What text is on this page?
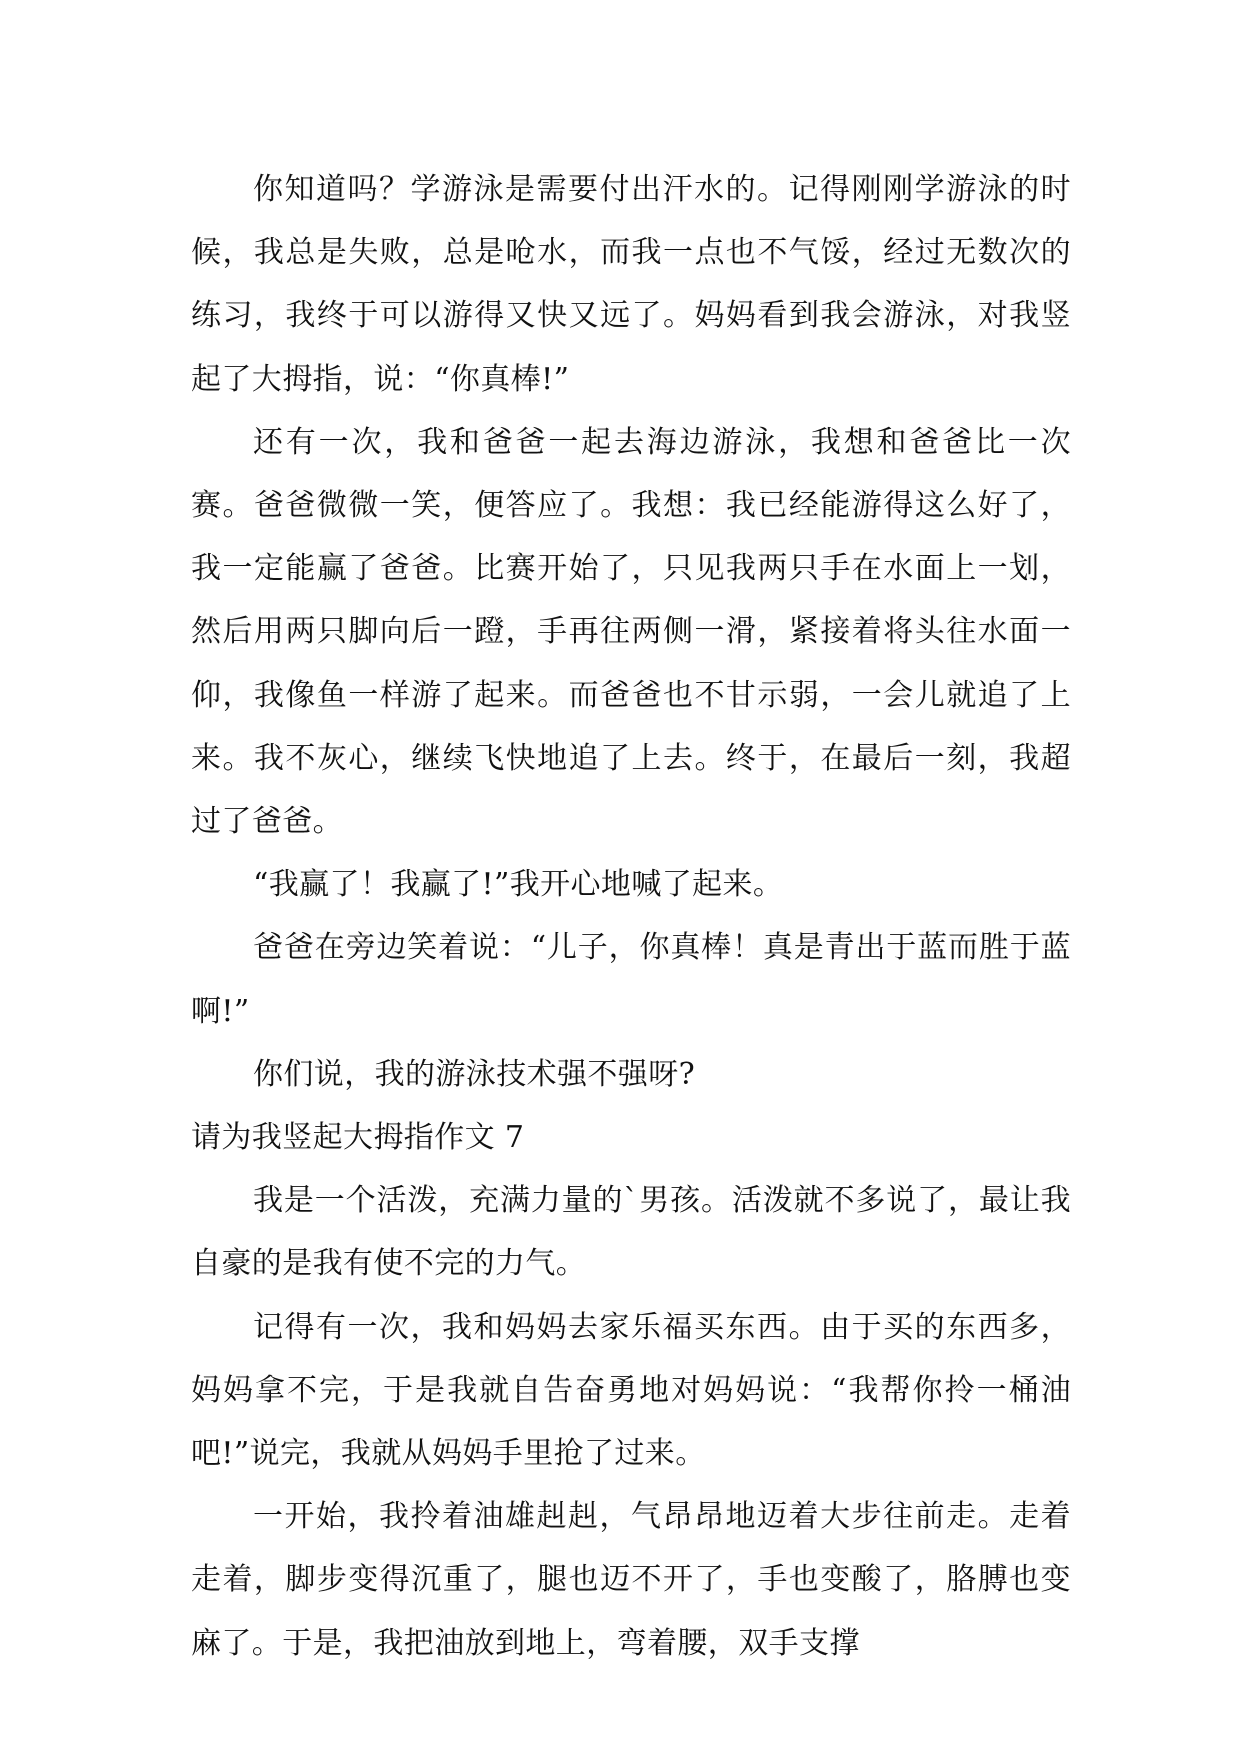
你知道吗？学游泳是需要付出汗水的。记得刚刚学游泳的时候，我总是失败，总是呛水，而我一点也不气馁，经过无数次的练习，我终于可以游得又快又远了。妈妈看到我会游泳，对我竖起了大拇指，说：“你真棒!”

还有一次，我和爸爸一起去海边游泳，我想和爸爸比一次赛。爸爸微微一笑，便答应了。我想：我已经能游得这么好了，我一定能赢了爸爸。比赛开始了，只见我两只手在水面上一划，然后用两只脚向后一蹬，手再往两侧一滑，紧接着将头往水面一仰，我像鱼一样游了起来。而爸爸也不甘示弱，一会儿就追了上来。我不灰心，继续飞快地追了上去。终于，在最后一刻，我超过了爸爸。

“我赢了！我赢了!”我开心地喊了起来。

爸爸在旁边笑着说：“儿子，你真棒！真是青出于蓝而胜于蓝啊!”

你们说，我的游泳技术强不强呀?

请为我竖起大拇指作文 7

我是一个活泼，充满力量的`男孩。活泼就不多说了，最让我自豪的是我有使不完的力气。

记得有一次，我和妈妈去家乐福买东西。由于买的东西多，妈妈拿不完，于是我就自告奋勇地对妈妈说：“我帮你拎一桶油吧!”说完，我就从妈妈手里抢了过来。

一开始，我拎着油雄赳赳，气昂昂地迈着大步往前走。走着走着，脚步变得沉重了，腿也迈不开了，手也变酸了，胳膊也变麻了。于是，我把油放到地上，弯着腰，双手支撑
